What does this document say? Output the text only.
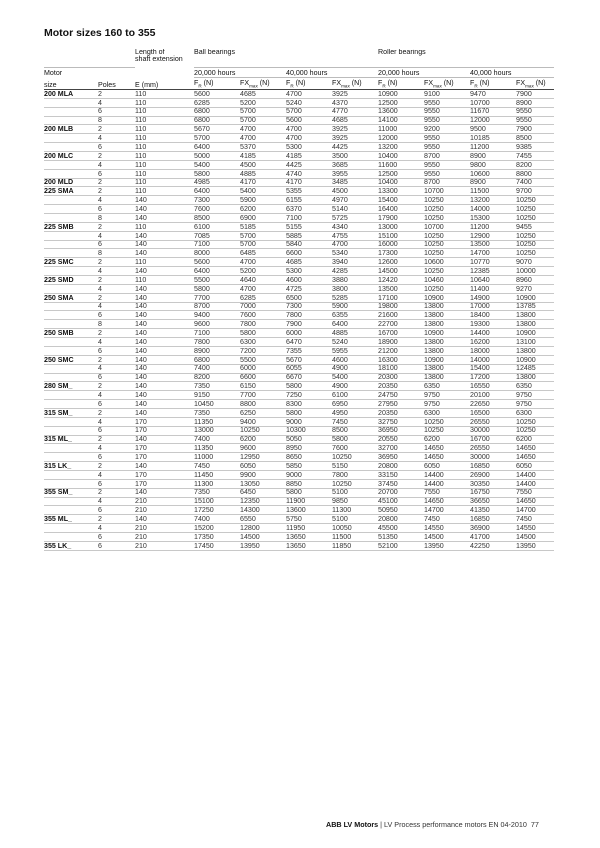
Motor sizes 160 to 355
		Length of
shaft extension	Ball bearings				Roller bearings			
Motor			20,000 hours		40,000 hours		20,000 hours		40,000 hours	
size	Poles	E (mm)	$F_R$ (N)	$FX_{max}$ (N)	$F_R$ (N)	$FX_{max}$ (N)	$F_R$ (N)	$FX_{max}$ (N)	$F_R$ (N)	$FX_{max}$ (N)
200 MLA	2	110	5600	4685	4700	3925	10900	9100	9470	7900
	4	110	6285	5200	5240	4370	12500	9550	10700	8900
	6	110	6800	5700	5700	4770	13600	9550	11670	9550
	8	110	6800	5700	5600	4685	14100	9550	12000	9550
200 MLB	2	110	5670	4700	4700	3925	11000	9200	9500	7900
	4	110	5700	4700	4700	3925	12000	9550	10185	8500
	6	110	6400	5370	5300	4425	13200	9550	11200	9385
200 MLC	2	110	5000	4185	4185	3500	10400	8700	8900	7455
	4	110	5400	4500	4425	3685	11600	9550	9800	8200
	6	110	5800	4885	4740	3955	12500	9550	10600	8800
200 MLD	2	110	4985	4170	4170	3485	10400	8700	8900	7400
225 SMA	2	110	6400	5400	5355	4500	13300	10700	11500	9700
	4	140	7300	5900	6155	4970	15400	10250	13200	10250
	6	140	7600	6200	6370	5140	16400	10250	14000	10250
	8	140	8500	6900	7100	5725	17900	10250	15300	10250
225 SMB	2	110	6100	5185	5155	4340	13000	10700	11200	9455
	4	140	7085	5700	5885	4755	15100	10250	12900	10250
	6	140	7100	5700	5840	4700	16000	10250	13500	10250
	8	140	8000	6485	6600	5340	17300	10250	14700	10250
225 SMC	2	110	5600	4700	4685	3940	12600	10600	10770	9070
	4	140	6400	5200	5300	4285	14500	10250	12385	10000
225 SMD	2	110	5500	4640	4600	3880	12420	10460	10640	8960
	4	140	5800	4700	4725	3800	13500	10250	11400	9270
250 SMA	2	140	7700	6285	6500	5285	17100	10900	14900	10900
	4	140	8700	7000	7300	5900	19800	13800	17000	13785
	6	140	9400	7600	7800	6355	21600	13800	18400	13800
	8	140	9600	7800	7900	6400	22700	13800	19300	13800
250 SMB	2	140	7100	5800	6000	4885	16700	10900	14400	10900
	4	140	7800	6300	6470	5240	18900	13800	16200	13100
	6	140	8900	7200	7355	5955	21200	13800	18000	13800
250 SMC	2	140	6800	5500	5670	4600	16300	10900	14000	10900
	4	140	7400	6000	6055	4900	18100	13800	15400	12485
	6	140	8200	6600	6670	5400	20300	13800	17200	13800
280 SM_	2	140	7350	6150	5800	4900	20350	6350	16550	6350
	4	140	9150	7700	7250	6100	24750	9750	20100	9750
	6	140	10450	8800	8300	6950	27950	9750	22650	9750
315 SM_	2	140	7350	6250	5800	4950	20350	6300	16500	6300
	4	170	11350	9400	9000	7450	32750	10250	26550	10250
	6	170	13000	10250	10300	8500	36950	10250	30000	10250
315 ML_	2	140	7400	6200	5050	5800	20550	6200	16700	6200
	4	170	11350	9600	8950	7600	32700	14650	26550	14650
	6	170	11000	12950	8650	10250	36950	14650	30000	14650
315 LK_	2	140	7450	6050	5850	5150	20800	6050	16850	6050
	4	170	11450	9900	9000	7800	33150	14400	26900	14400
	6	170	11300	13050	8850	10250	37450	14400	30350	14400
355 SM_	2	140	7350	6450	5800	5100	20700	7550	16750	7550
	4	210	15100	12350	11900	9850	45100	14650	36650	14650
	6	210	17250	14300	13600	11300	50950	14700	41350	14700
355 ML_	2	140	7400	6550	5750	5100	20800	7450	16850	7450
	4	210	15200	12800	11950	10050	45500	14550	36900	14550
	6	210	17350	14500	13650	11500	51350	14500	41700	14500
355 LK_	6	210	17450	13950	13650	11850	52100	13950	42250	13950
ABB LV Motors | LV Process performance motors EN 04-2010 77
